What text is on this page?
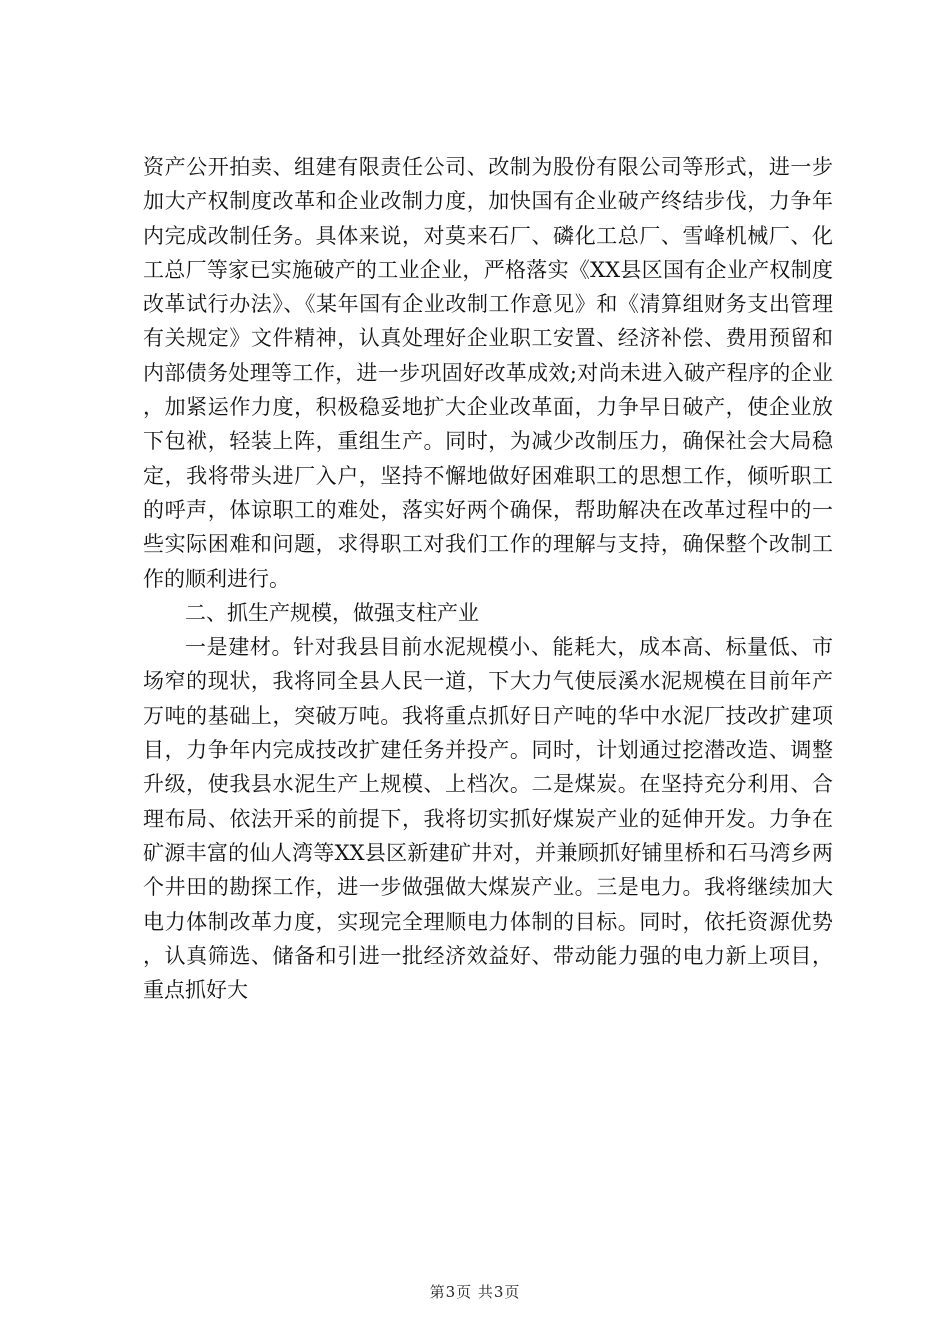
资产公开拍卖、组建有限责任公司、改制为股份有限公司等形式，进一步加大产权制度改革和企业改制力度，加快国有企业破产终结步伐，力争年内完成改制任务。具体来说，对莫来石厂、磷化工总厂、雪峰机械厂、化工总厂等家已实施破产的工业企业，严格落实《XX县区国有企业产权制度改革试行办法》、《某年国有企业改制工作意见》和《清算组财务支出管理有关规定》文件精神，认真处理好企业职工安置、经济补偿、费用预留和内部债务处理等工作，进一步巩固好改革成效;对尚未进入破产程序的企业，加紧运作力度，积极稳妥地扩大企业改革面，力争早日破产，使企业放下包袱，轻装上阵，重组生产。同时，为减少改制压力，确保社会大局稳定，我将带头进厂入户，坚持不懈地做好困难职工的思想工作，倾听职工的呼声，体谅职工的难处，落实好两个确保，帮助解决在改革过程中的一些实际困难和问题，求得职工对我们工作的理解与支持，确保整个改制工作的顺利进行。

二、抓生产规模，做强支柱产业

一是建材。针对我县目前水泥规模小、能耗大，成本高、标量低、市场窄的现状，我将同全县人民一道，下大力气使辰溪水泥规模在目前年产万吨的基础上，突破万吨。我将重点抓好日产吨的华中水泥厂技改扩建项目，力争年内完成技改扩建任务并投产。同时，计划通过挖潜改造、调整升级，使我县水泥生产上规模、上档次。二是煤炭。在坚持充分利用、合理布局、依法开采的前提下，我将切实抓好煤炭产业的延伸开发。力争在矿源丰富的仙人湾等XX县区新建矿井对，并兼顾抓好铺里桥和石马湾乡两个井田的勘探工作，进一步做强做大煤炭产业。三是电力。我将继续加大电力体制改革力度，实现完全理顺电力体制的目标。同时，依托资源优势，认真筛选、储备和引进一批经济效益好、带动能力强的电力新上项目，重点抓好大

第3页 共3页
